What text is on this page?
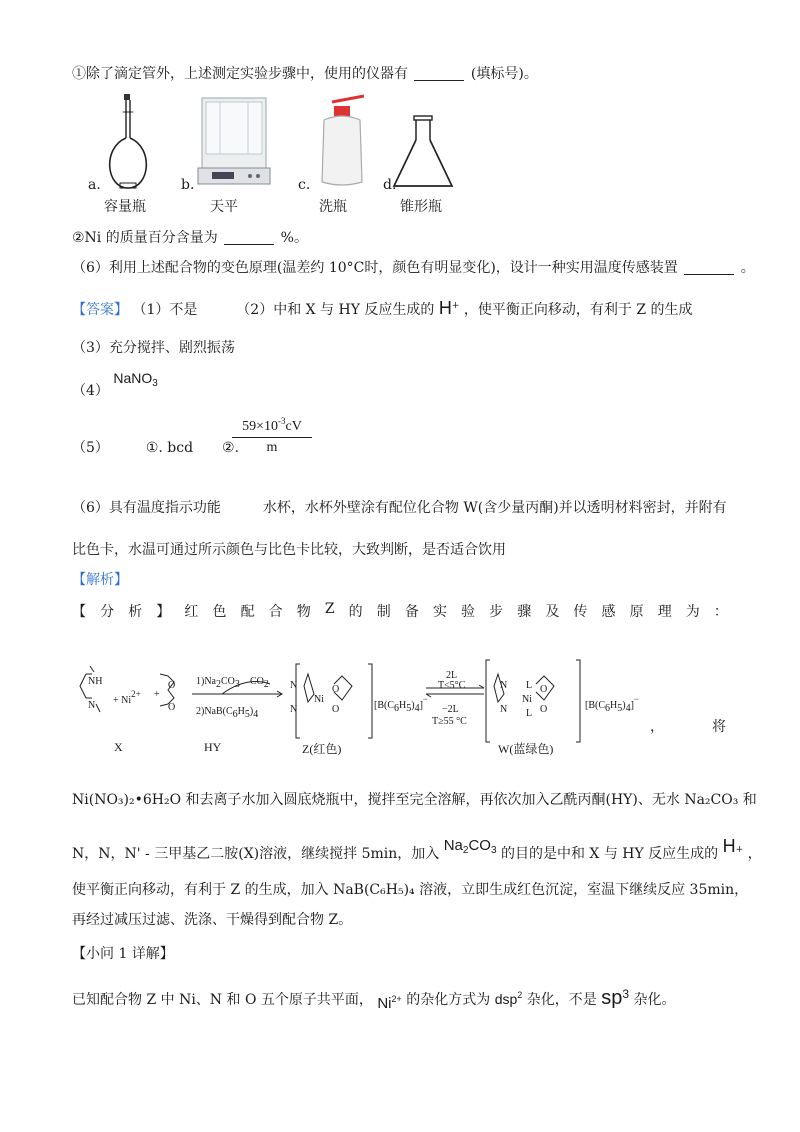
①除了滴定管外，上述测定实验步骤中，使用的仪器有	(填标号)。
a.	b.	c.	d.
容量瓶	天平	洗瓶	锥形瓶
②Ni 的质量百分含量为	%。
（6）利用上述配合物的变色原理(温差约 10°C时，颜色有明显变化)，设计一种实用温度传感装置	。
【答案】 （1）不是	（2）中和 X 与 HY 反应生成的 H+ ，使平衡正向移动，有利于 Z 的生成
（3）充分搅拌、剧烈振荡
（4） NaNO$_3$
（5）	①. bcd ②.
$\frac{59\times 10^{-3}cV}{m}$
（6）具有温度指示功能　　　水杯，水杯外壁涂有配位化合物 W(含少量丙酮)并以透明材料密封，并附有
比色卡，水温可通过所示颜色与比色卡比较，大致判断，是否适合饮用
【解析】
【 分 析 】 红 色 配 合 物 Z 的 制 备 实 验 步 骤 及 传 感 原 理 为 ：
NH
N + Ni2+ +
O
O
1)Na2CO3 CO2
2)NaB(C6H5)4
N
N
Ni
O
O	[B(C6H5)4]−
2L
T≤5°C
−2L
T≥55 °C
N
N
L
Ni
L
O
O	[B(C6H5)4]−
X	HY	Z(红色)	W(蓝绿色)
，	将
Ni(NO₃)₂•6H₂O 和去离子水加入圆底烧瓶中，搅拌至完全溶解，再依次加入乙酰丙酮(HY)、无水 Na₂CO₃ 和
N，N，N' - 三甲基乙二胺(X)溶液，继续搅拌 5min，加入 $Na_2CO_3$ 的目的是中和 X 与 HY 反应生成的 H+ ，
使平衡正向移动，有利于 Z 的生成，加入 NaB(C₆H₅)₄ 溶液，立即生成红色沉淀，室温下继续反应 35min，
再经过减压过滤、洗涤、干燥得到配合物 Z。
【小问 1 详解】
已知配合物 Z 中 Ni、N 和 O 五个原子共平面， $Ni^{2+}$ 的杂化方式为 dsp$^2$ 杂化，不是 $sp^3$ 杂化。
